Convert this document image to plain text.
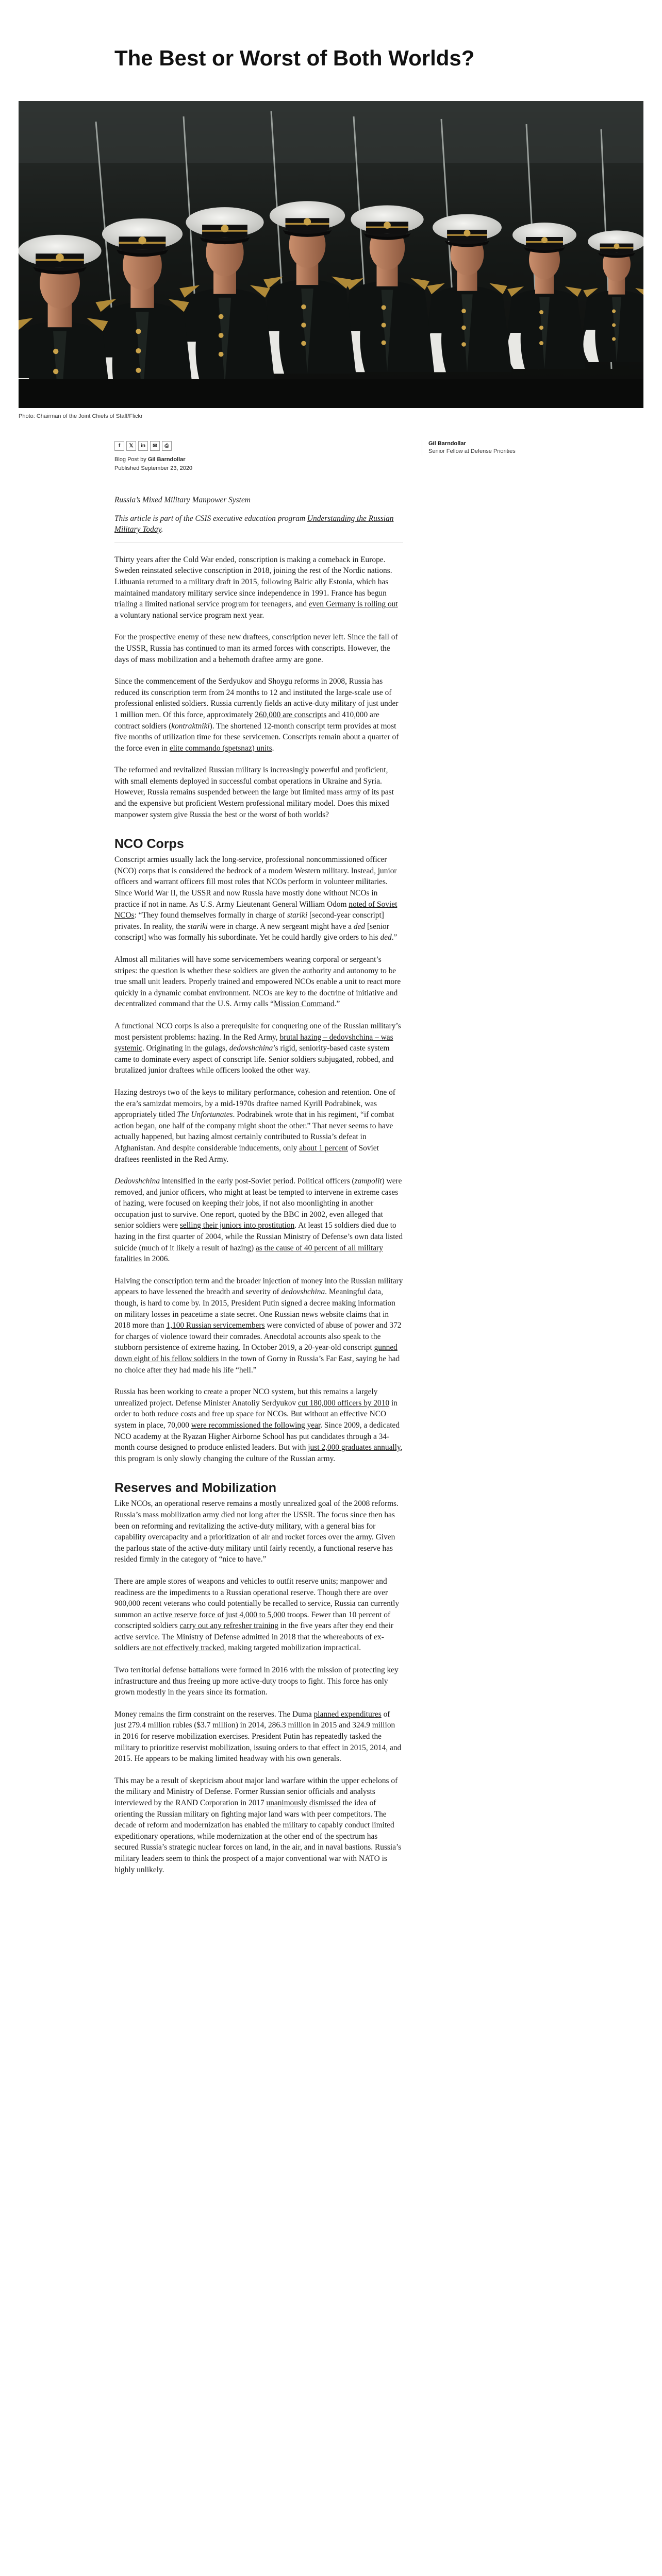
The Best or Worst of Both Worlds?
Photo: Chairman of the Joint Chiefs of Staff/Flickr
f 𝕏 in ✉ ⎙
Blog Post by Gil Barndollar
Published September 23, 2020
Gil Barndollar
Senior Fellow at Defense Priorities

Russia’s Mixed Military Manpower System

This article is part of the CSIS executive education program Understanding the Russian Military Today.

Thirty years after the Cold War ended, conscription is making a comeback in Europe. Sweden reinstated selective conscription in 2018, joining the rest of the Nordic nations. Lithuania returned to a military draft in 2015, following Baltic ally Estonia, which has maintained mandatory military service since independence in 1991. France has begun trialing a limited national service program for teenagers, and even Germany is rolling out a voluntary national service program next year.

For the prospective enemy of these new draftees, conscription never left. Since the fall of the USSR, Russia has continued to man its armed forces with conscripts. However, the days of mass mobilization and a behemoth draftee army are gone.

Since the commencement of the Serdyukov and Shoygu reforms in 2008, Russia has reduced its conscription term from 24 months to 12 and instituted the large-scale use of professional enlisted soldiers. Russia currently fields an active-duty military of just under 1 million men. Of this force, approximately 260,000 are conscripts and 410,000 are contract soldiers (kontraktniki). The shortened 12-month conscript term provides at most five months of utilization time for these servicemen. Conscripts remain about a quarter of the force even in elite commando (spetsnaz) units.

The reformed and revitalized Russian military is increasingly powerful and proficient, with small elements deployed in successful combat operations in Ukraine and Syria. However, Russia remains suspended between the large but limited mass army of its past and the expensive but proficient Western professional military model. Does this mixed manpower system give Russia the best or the worst of both worlds?

NCO Corps

Conscript armies usually lack the long-service, professional noncommissioned officer (NCO) corps that is considered the bedrock of a modern Western military. Instead, junior officers and warrant officers fill most roles that NCOs perform in volunteer militaries. Since World War II, the USSR and now Russia have mostly done without NCOs in practice if not in name. As U.S. Army Lieutenant General William Odom noted of Soviet NCOs: “They found themselves formally in charge of stariki [second-year conscript] privates. In reality, the stariki were in charge. A new sergeant might have a ded [senior conscript] who was formally his subordinate. Yet he could hardly give orders to his ded.”

Almost all militaries will have some servicemembers wearing corporal or sergeant’s stripes: the question is whether these soldiers are given the authority and autonomy to be true small unit leaders. Properly trained and empowered NCOs enable a unit to react more quickly in a dynamic combat environment. NCOs are key to the doctrine of initiative and decentralized command that the U.S. Army calls “Mission Command.”

A functional NCO corps is also a prerequisite for conquering one of the Russian military’s most persistent problems: hazing. In the Red Army, brutal hazing – dedovshchina – was systemic. Originating in the gulags, dedovshchina’s rigid, seniority-based caste system came to dominate every aspect of conscript life. Senior soldiers subjugated, robbed, and brutalized junior draftees while officers looked the other way.

Hazing destroys two of the keys to military performance, cohesion and retention. One of the era’s samizdat memoirs, by a mid-1970s draftee named Kyrill Podrabinek, was appropriately titled The Unfortunates. Podrabinek wrote that in his regiment, “if combat action began, one half of the company might shoot the other.” That never seems to have actually happened, but hazing almost certainly contributed to Russia’s defeat in Afghanistan. And despite considerable inducements, only about 1 percent of Soviet draftees reenlisted in the Red Army.

Dedovshchina intensified in the early post-Soviet period. Political officers (zampolit) were removed, and junior officers, who might at least be tempted to intervene in extreme cases of hazing, were focused on keeping their jobs, if not also moonlighting in another occupation just to survive. One report, quoted by the BBC in 2002, even alleged that senior soldiers were selling their juniors into prostitution. At least 15 soldiers died due to hazing in the first quarter of 2004, while the Russian Ministry of Defense’s own data listed suicide (much of it likely a result of hazing) as the cause of 40 percent of all military fatalities in 2006.

Halving the conscription term and the broader injection of money into the Russian military appears to have lessened the breadth and severity of dedovshchina. Meaningful data, though, is hard to come by. In 2015, President Putin signed a decree making information on military losses in peacetime a state secret. One Russian news website claims that in 2018 more than 1,100 Russian servicemembers were convicted of abuse of power and 372 for charges of violence toward their comrades. Anecdotal accounts also speak to the stubborn persistence of extreme hazing. In October 2019, a 20-year-old conscript gunned down eight of his fellow soldiers in the town of Gorny in Russia’s Far East, saying he had no choice after they had made his life “hell.”

Russia has been working to create a proper NCO system, but this remains a largely unrealized project. Defense Minister Anatoliy Serdyukov cut 180,000 officers by 2010 in order to both reduce costs and free up space for NCOs. But without an effective NCO system in place, 70,000 were recommissioned the following year. Since 2009, a dedicated NCO academy at the Ryazan Higher Airborne School has put candidates through a 34-month course designed to produce enlisted leaders. But with just 2,000 graduates annually, this program is only slowly changing the culture of the Russian army.

Reserves and Mobilization

Like NCOs, an operational reserve remains a mostly unrealized goal of the 2008 reforms. Russia’s mass mobilization army died not long after the USSR. The focus since then has been on reforming and revitalizing the active-duty military, with a general bias for capability overcapacity and a prioritization of air and rocket forces over the army. Given the parlous state of the active-duty military until fairly recently, a functional reserve has resided firmly in the category of “nice to have.”

There are ample stores of weapons and vehicles to outfit reserve units; manpower and readiness are the impediments to a Russian operational reserve. Though there are over 900,000 recent veterans who could potentially be recalled to service, Russia can currently summon an active reserve force of just 4,000 to 5,000 troops. Fewer than 10 percent of conscripted soldiers carry out any refresher training in the five years after they end their active service. The Ministry of Defense admitted in 2018 that the whereabouts of ex-soldiers are not effectively tracked, making targeted mobilization impractical.

Two territorial defense battalions were formed in 2016 with the mission of protecting key infrastructure and thus freeing up more active-duty troops to fight. This force has only grown modestly in the years since its formation.

Money remains the firm constraint on the reserves. The Duma planned expenditures of just 279.4 million rubles ($3.7 million) in 2014, 286.3 million in 2015 and 324.9 million in 2016 for reserve mobilization exercises. President Putin has repeatedly tasked the military to prioritize reservist mobilization, issuing orders to that effect in 2015, 2014, and 2015. He appears to be making limited headway with his own generals.

This may be a result of skepticism about major land warfare within the upper echelons of the military and Ministry of Defense. Former Russian senior officials and analysts interviewed by the RAND Corporation in 2017 unanimously dismissed the idea of orienting the Russian military on fighting major land wars with peer competitors. The decade of reform and modernization has enabled the military to capably conduct limited expeditionary operations, while modernization at the other end of the spectrum has secured Russia’s strategic nuclear forces on land, in the air, and in naval bastions. Russia’s military leaders seem to think the prospect of a major conventional war with NATO is highly unlikely.
